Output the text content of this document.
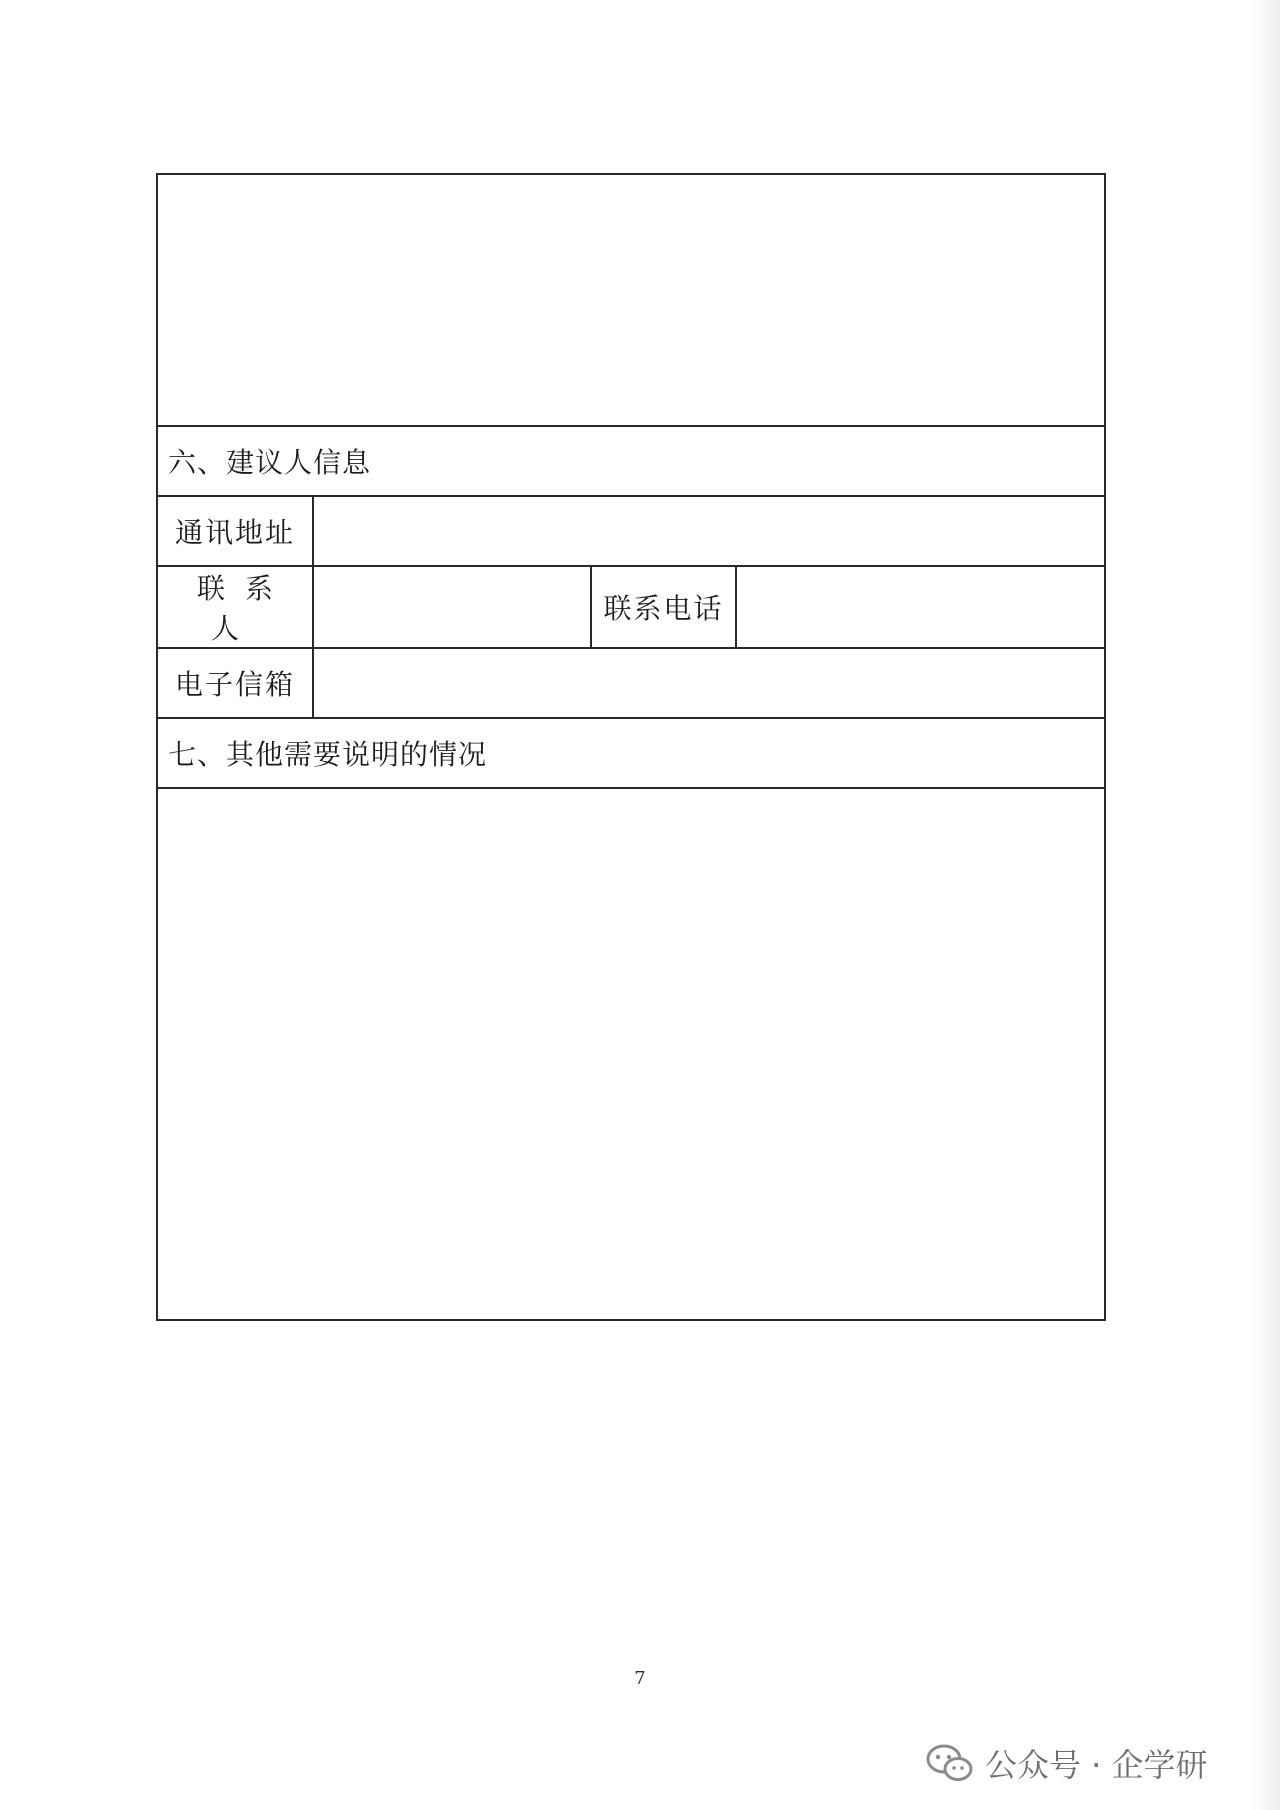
六、建议人信息			
通讯地址			
联系人		联系电话	
电子信箱			
七、其他需要说明的情况			

7
公众号 · 企学研
